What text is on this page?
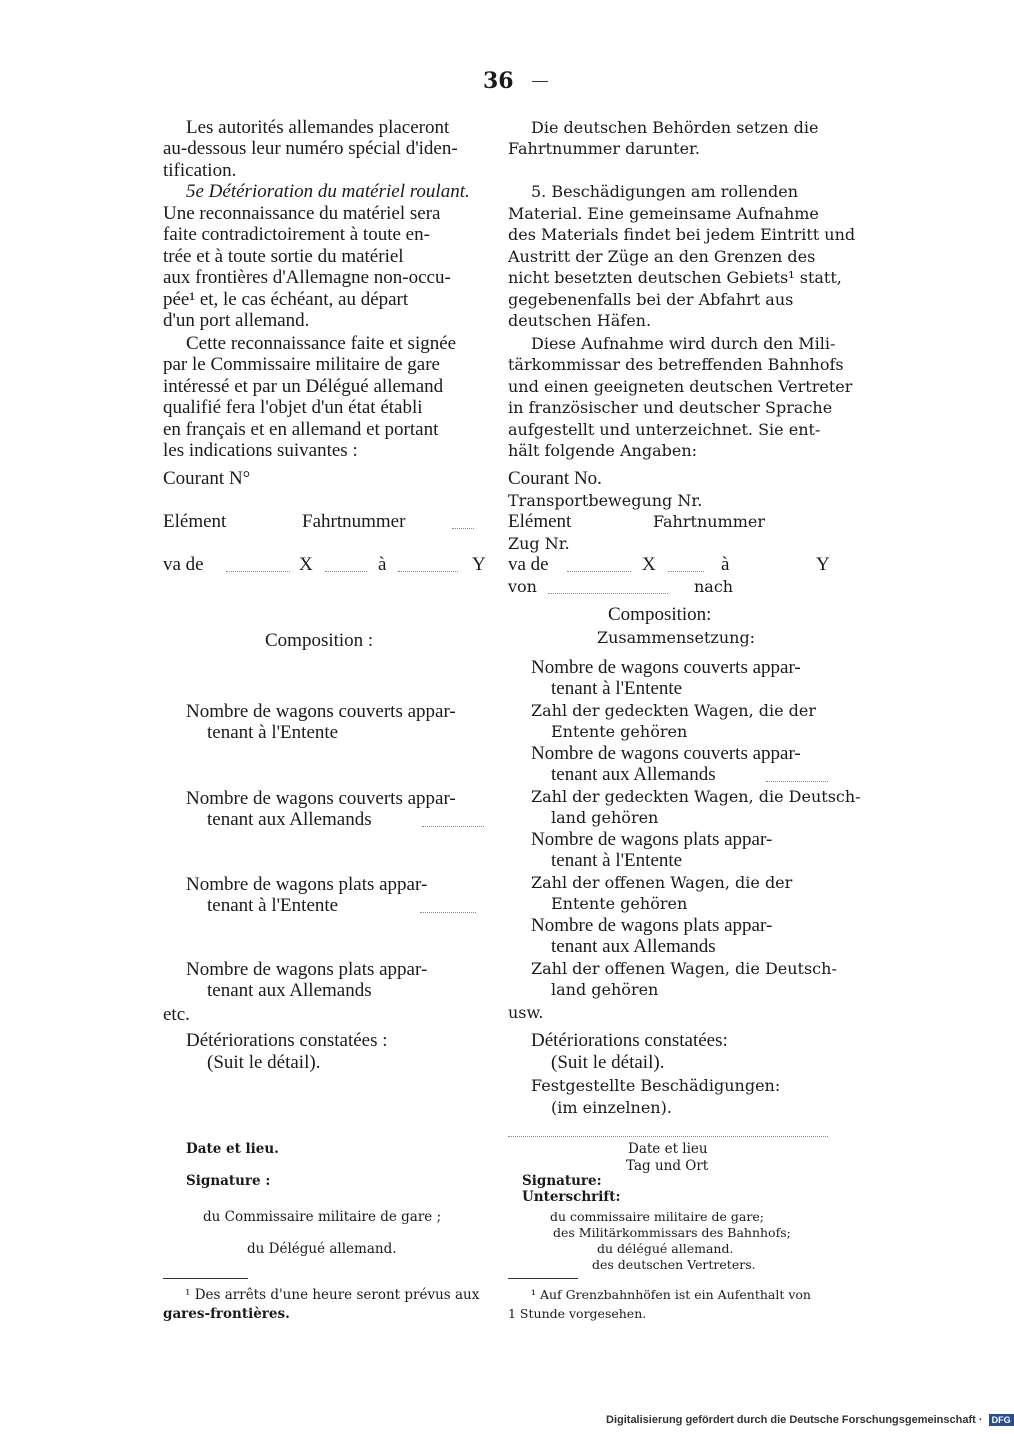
36
Les autorités allemandes placeront
au-dessous leur numéro spécial d'iden-
tification.
5e Détérioration du matériel roulant.
Une reconnaissance du matériel sera
faite contradictoirement à toute en-
trée et à toute sortie du matériel
aux frontières d'Allemagne non-occu-
pée¹ et, le cas échéant, au départ
d'un port allemand.
Cette reconnaissance faite et signée
par le Commissaire militaire de gare
intéressé et par un Délégué allemand
qualifié fera l'objet d'un état établi
en français et en allemand et portant
les indications suivantes :
Courant N°
Elément	Fahrtnummer
va de	X	à	Y
Composition :
Nombre de wagons couverts appar-
tenant à l'Entente
Nombre de wagons couverts appar-
tenant aux Allemands
Nombre de wagons plats appar-
tenant à l'Entente
Nombre de wagons plats appar-
tenant aux Allemands
etc.
Détériorations constatées :
(Suit le détail).
Date et lieu.
Signature :
du Commissaire militaire de gare ;
du Délégué allemand.
¹ Des arrêts d'une heure seront prévus aux
gares-frontières.
Die deutschen Behörden setzen die
Fahrtnummer darunter.
5. Beschädigungen am rollenden
Material. Eine gemeinsame Aufnahme
des Materials findet bei jedem Eintritt und
Austritt der Züge an den Grenzen des
nicht besetzten deutschen Gebiets¹ statt,
gegebenenfalls bei der Abfahrt aus
deutschen Häfen.
Diese Aufnahme wird durch den Mili-
tärkommissar des betreffenden Bahnhofs
und einen geeigneten deutschen Vertreter
in französischer und deutscher Sprache
aufgestellt und unterzeichnet. Sie ent-
hält folgende Angaben:
Courant No.
Transportbewegung Nr.
Elément	Fahrtnummer
Zug Nr.
va de	X	à	Y
von	nach
Composition:
Zusammensetzung:
Nombre de wagons couverts appar-
tenant à l'Entente
Zahl der gedeckten Wagen, die der
Entente gehören
Nombre de wagons couverts appar-
tenant aux Allemands
Zahl der gedeckten Wagen, die Deutsch-
land gehören
Nombre de wagons plats appar-
tenant à l'Entente
Zahl der offenen Wagen, die der
Entente gehören
Nombre de wagons plats appar-
tenant aux Allemands
Zahl der offenen Wagen, die Deutsch-
land gehören
usw.
Détériorations constatées:
(Suit le détail).
Festgestellte Beschädigungen:
(im einzelnen).
Date et lieu
Tag und Ort
Signature:
Unterschrift:
du commissaire militaire de gare;
des Militärkommissars des Bahnhofs;
du délégué allemand.
des deutschen Vertreters.
¹ Auf Grenzbahnhöfen ist ein Aufenthalt von
1 Stunde vorgesehen.
Digitalisierung gefördert durch die Deutsche Forschungsgemeinschaft · DFG
